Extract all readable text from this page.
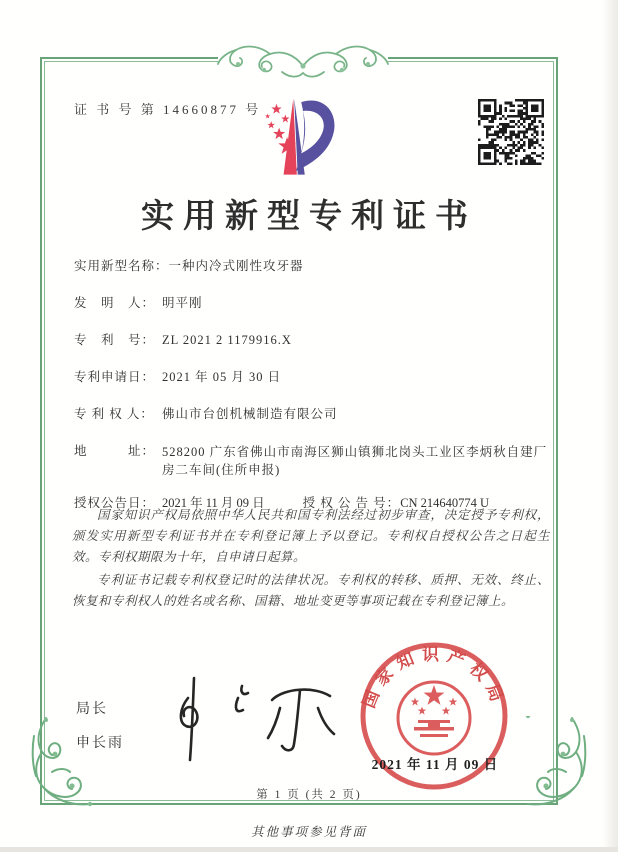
证 书 号 第 14660877 号
实用新型专利证书
实用新型名称： 一种内冷式刚性攻牙器
发　明　人： 明平刚
专　利　号： ZL 2021 2 1179916.X
专利申请日： 2021 年 05 月 30 日
专 利 权 人： 佛山市台创机械制造有限公司
地　　　址： 528200 广东省佛山市南海区狮山镇狮北岗头工业区李炳秋自建厂房二车间(住所申报)
授权公告日： 2021 年 11 月 09 日	授 权 公 告 号： CN 214640774 U

国家知识产权局依照中华人民共和国专利法经过初步审查，决定授予专利权，颁发实用新型专利证书并在专利登记簿上予以登记。专利权自授权公告之日起生效。专利权期限为十年，自申请日起算。

专利证书记载专利权登记时的法律状况。专利权的转移、质押、无效、终止、恢复和专利权人的姓名或名称、国籍、地址变更等事项记载在专利登记簿上。

局长
申长雨
国家知识产权局
2021 年 11 月 09 日
第 1 页 (共 2 页)
其他事项参见背面
